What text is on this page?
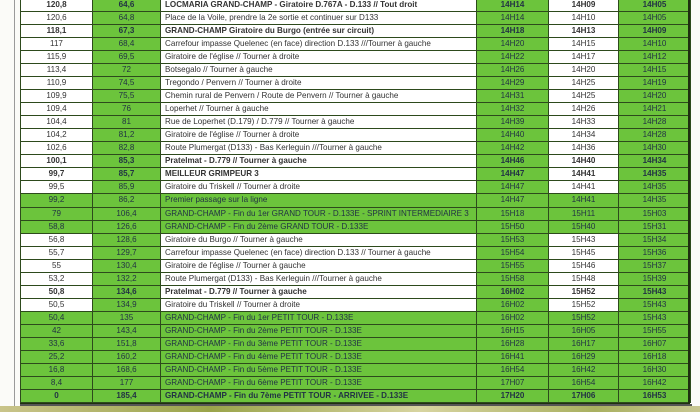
120,8	64,6	LOCMARIA GRAND-CHAMP - Giratoire D.767A - D.133 // Tout droit	14H14	14H09	14H05
120,6	64,8	Place de la Voile, prendre la 2e sortie et continuer sur D133	14H14	14H10	14H05
118,1	67,3	GRAND-CHAMP Giratoire du Burgo (entrée sur circuit)	14H18	14H13	14H09
117	68,4	Carrefour impasse Quelenec (en face) direction D.133 ///Tourner à gauche	14H20	14H15	14H10
115,9	69,5	Giratoire de l'église // Tourner à droite	14H22	14H17	14H12
113,4	72	Botsegalo // Tourner à gauche	14H26	14H20	14H15
110,9	74,5	Tregondo / Penvern // Tourner à droite	14H29	14H25	14H19
109,9	75,5	Chemin rural de Penvern / Route de Penvern // Tourner à gauche	14H31	14H25	14H20
109,4	76	Loperhet // Tourner à gauche	14H32	14H26	14H21
104,4	81	Rue de Loperhet (D.179) / D.779 // Tourner à gauche	14H39	14H33	14H28
104,2	81,2	Giratoire de l'église // Tourner à droite	14H40	14H34	14H28
102,6	82,8	Route Plumergat (D133) - Bas Kerleguin ///Tourner à gauche	14H42	14H36	14H30
100,1	85,3	Pratelmat - D.779 // Tourner à gauche	14H46	14H40	14H34
99,7	85,7	MEILLEUR GRIMPEUR 3	14H47	14H41	14H35
99,5	85,9	Giratoire du Triskell // Tourner à droite	14H47	14H41	14H35
99,2	86,2	Premier passage sur la ligne	14H47	14H41	14H35
79	106,4	GRAND-CHAMP - Fin du 1er GRAND TOUR - D.133E - SPRINT INTERMEDIAIRE 3	15H18	15H11	15H03
58,8	126,6	GRAND-CHAMP - Fin du 2ème GRAND TOUR - D.133E	15H50	15H40	15H31
56,8	128,6	Giratoire du Burgo // Tourner à gauche	15H53	15H43	15H34
55,7	129,7	Carrefour impasse Quelenec (en face) direction D.133 // Tourner à gauche	15H54	15H45	15H36
55	130,4	Giratoire de l'église // Tourner à gauche	15H55	15H46	15H37
53,2	132,2	Route Plumergat (D133) - Bas Kerleguin ///Tourner à gauche	15H58	15H48	15H39
50,8	134,6	Pratelmat - D.779 // Tourner à gauche	16H02	15H52	15H43
50,5	134,9	Giratoire du Triskell // Tourner à droite	16H02	15H52	15H43
50,4	135	GRAND-CHAMP - Fin du 1er PETIT TOUR - D.133E	16H02	15H52	15H43
42	143,4	GRAND-CHAMP - Fin du 2ème PETIT TOUR - D.133E	16H15	16H05	15H55
33,6	151,8	GRAND-CHAMP - Fin du 3ème PETIT TOUR - D.133E	16H28	16H17	16H07
25,2	160,2	GRAND-CHAMP - Fin du 4ème PETIT TOUR - D.133E	16H41	16H29	16H18
16,8	168,6	GRAND-CHAMP - Fin du 5ème PETIT TOUR - D.133E	16H54	16H42	16H30
8,4	177	GRAND-CHAMP - Fin du 6ème PETIT TOUR - D.133E	17H07	16H54	16H42
0	185,4	GRAND-CHAMP - Fin du 7ème PETIT TOUR - ARRIVEE - D.133E	17H20	17H06	16H53
